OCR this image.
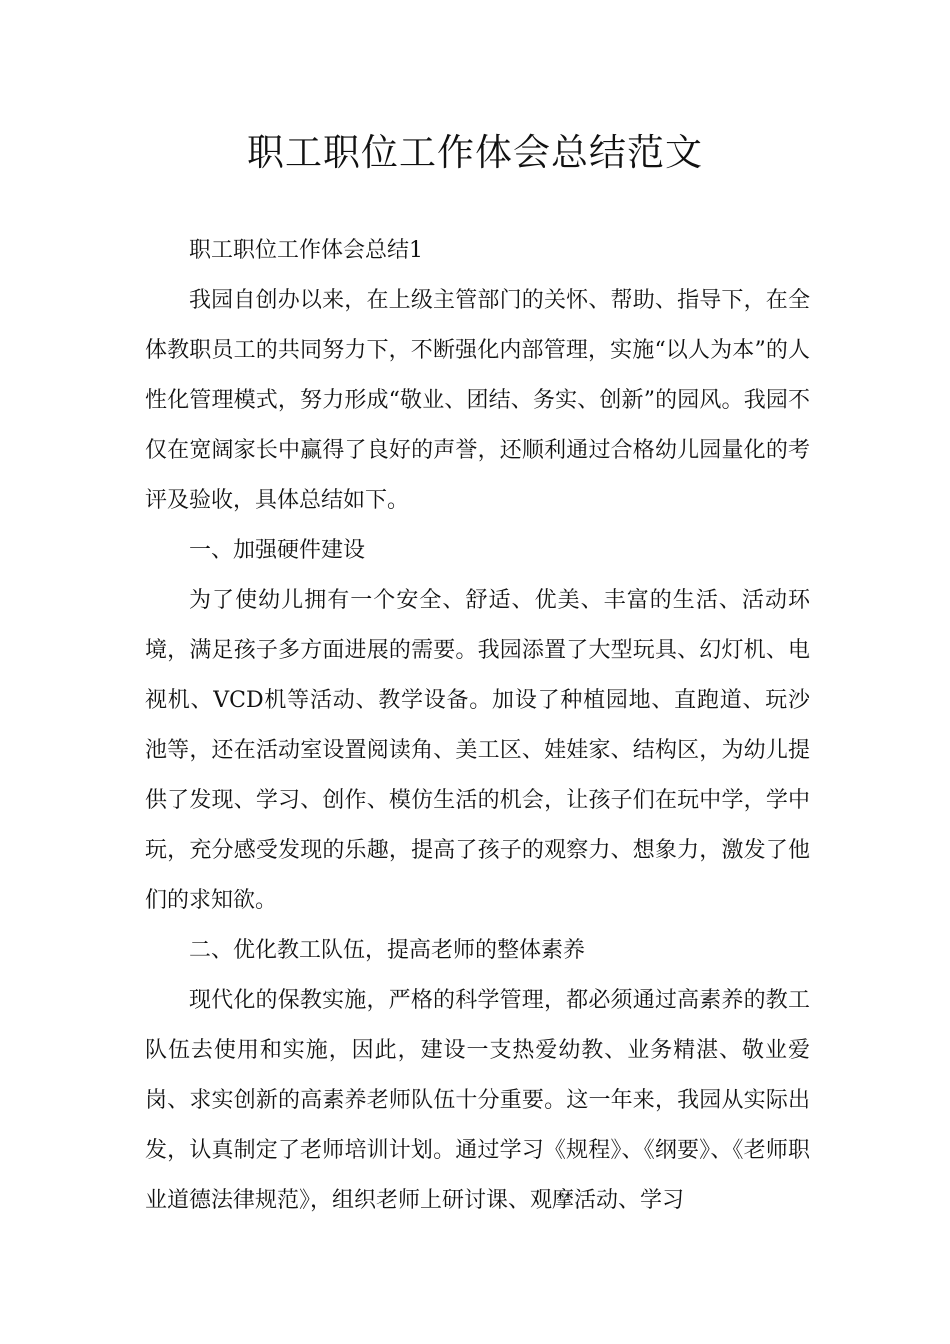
职工职位工作体会总结范文

职工职位工作体会总结1

我园自创办以来，在上级主管部门的关怀、帮助、指导下，在全体教职员工的共同努力下，不断强化内部管理，实施“以人为本”的人性化管理模式，努力形成“敬业、团结、务实、创新”的园风。我园不仅在宽阔家长中赢得了良好的声誉，还顺利通过合格幼儿园量化的考评及验收，具体总结如下。

一、加强硬件建设

为了使幼儿拥有一个安全、舒适、优美、丰富的生活、活动环境，满足孩子多方面进展的需要。我园添置了大型玩具、幻灯机、电视机、VCD机等活动、教学设备。加设了种植园地、直跑道、玩沙池等，还在活动室设置阅读角、美工区、娃娃家、结构区，为幼儿提供了发现、学习、创作、模仿生活的机会，让孩子们在玩中学，学中玩，充分感受发现的乐趣，提高了孩子的观察力、想象力，激发了他们的求知欲。

二、优化教工队伍，提高老师的整体素养

现代化的保教实施，严格的科学管理，都必须通过高素养的教工队伍去使用和实施，因此，建设一支热爱幼教、业务精湛、敬业爱岗、求实创新的高素养老师队伍十分重要。这一年来，我园从实际出发，认真制定了老师培训计划。通过学习《规程》、《纲要》、《老师职业道德法律规范》，组织老师上研讨课、观摩活动、学习
